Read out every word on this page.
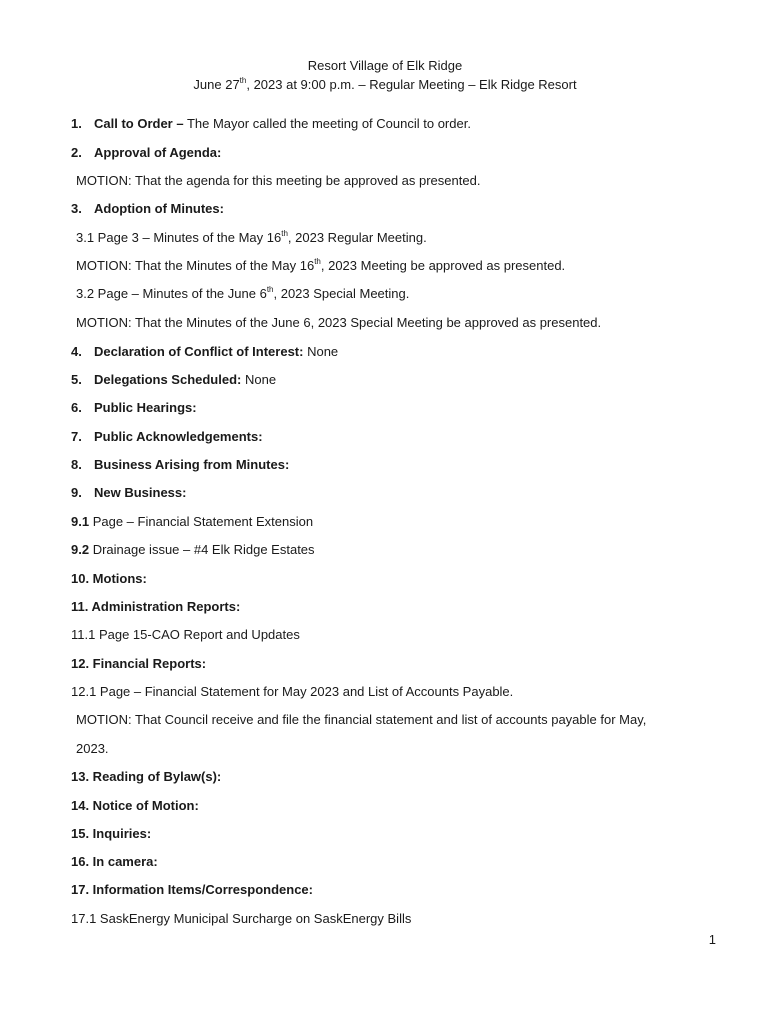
Resort Village of Elk Ridge
June 27th, 2023 at 9:00 p.m. – Regular Meeting – Elk Ridge Resort
1. Call to Order – The Mayor called the meeting of Council to order.
2. Approval of Agenda:
MOTION: That the agenda for this meeting be approved as presented.
3. Adoption of Minutes:
3.1 Page 3 – Minutes of the May 16th, 2023 Regular Meeting.
MOTION: That the Minutes of the May 16th, 2023 Meeting be approved as presented.
3.2 Page – Minutes of the June 6th, 2023 Special Meeting.
MOTION: That the Minutes of the June 6, 2023 Special Meeting be approved as presented.
4. Declaration of Conflict of Interest: None
5. Delegations Scheduled: None
6. Public Hearings:
7. Public Acknowledgements:
8. Business Arising from Minutes:
9. New Business:
9.1 Page – Financial Statement Extension
9.2 Drainage issue – #4 Elk Ridge Estates
10. Motions:
11. Administration Reports:
11.1 Page 15-CAO Report and Updates
12. Financial Reports:
12.1 Page – Financial Statement for May 2023 and List of Accounts Payable.
MOTION: That Council receive and file the financial statement and list of accounts payable for May,
2023.
13. Reading of Bylaw(s):
14. Notice of Motion:
15. Inquiries:
16. In camera:
17. Information Items/Correspondence:
17.1 SaskEnergy Municipal Surcharge on SaskEnergy Bills
1
